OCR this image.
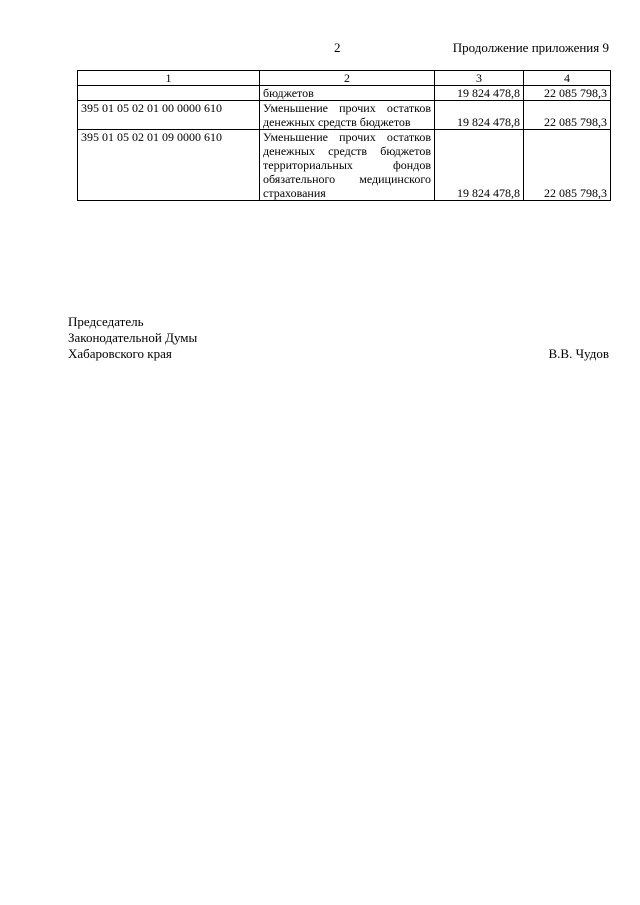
2	Продолжение приложения 9
1	2	3	4
	бюджетов	19 824 478,8	22 085 798,3
395 01 05 02 01 00 0000 610	Уменьшение прочих остатков денежных средств бюджетов	19 824 478,8	22 085 798,3
395 01 05 02 01 09 0000 610	Уменьшение прочих остатков денежных средств бюджетов территориальных фондов обязательного медицинского страхования	19 824 478,8	22 085 798,3
Председатель
Законодательной Думы
Хабаровского края	В.В. Чудов
